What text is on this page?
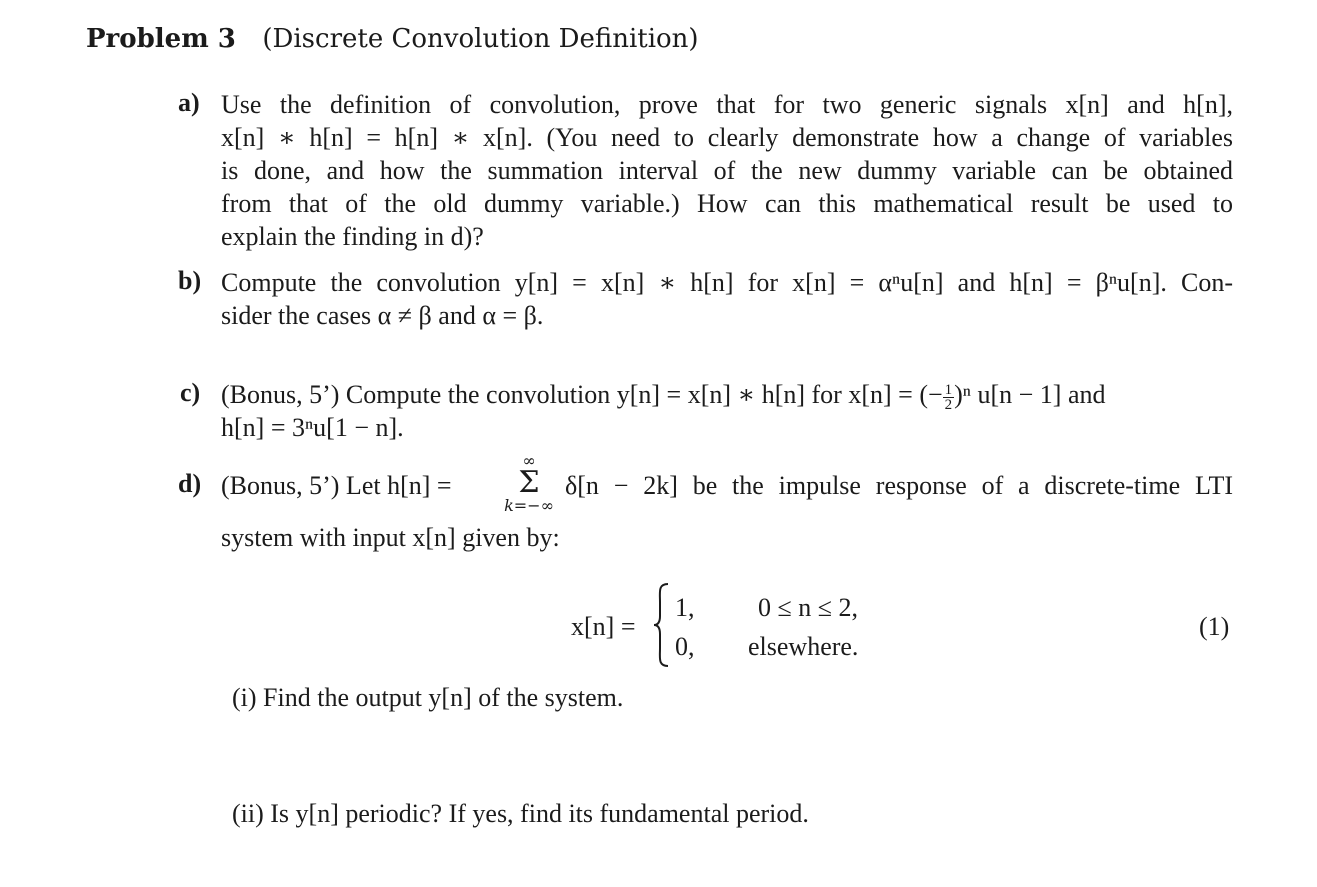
Problem 3 (Discrete Convolution Definition)
a) Use the definition of convolution, prove that for two generic signals x[n] and h[n],
x[n] ∗ h[n] = h[n] ∗ x[n]. (You need to clearly demonstrate how a change of variables
is done, and how the summation interval of the new dummy variable can be obtained
from that of the old dummy variable.) How can this mathematical result be used to
explain the finding in d)?
b) Compute the convolution y[n] = x[n] ∗ h[n] for x[n] = αⁿu[n] and h[n] = βⁿu[n]. Con-
sider the cases α ≠ β and α = β.
c) (Bonus, 5’) Compute the convolution y[n] = x[n] ∗ h[n] for x[n] = (− $\frac{1}{2} )^n$ u[n − 1] and
h[n] = 3ⁿu[1 − n].
d) (Bonus, 5’) Let h[n] =
∞
Σ
k=−∞
δ[n − 2k] be the impulse response of a discrete-time LTI
system with input x[n] given by:
x[n] =
1, 0 ≤ n ≤ 2,
0, elsewhere.
(1)
(i) Find the output y[n] of the system.
(ii) Is y[n] periodic? If yes, find its fundamental period.
